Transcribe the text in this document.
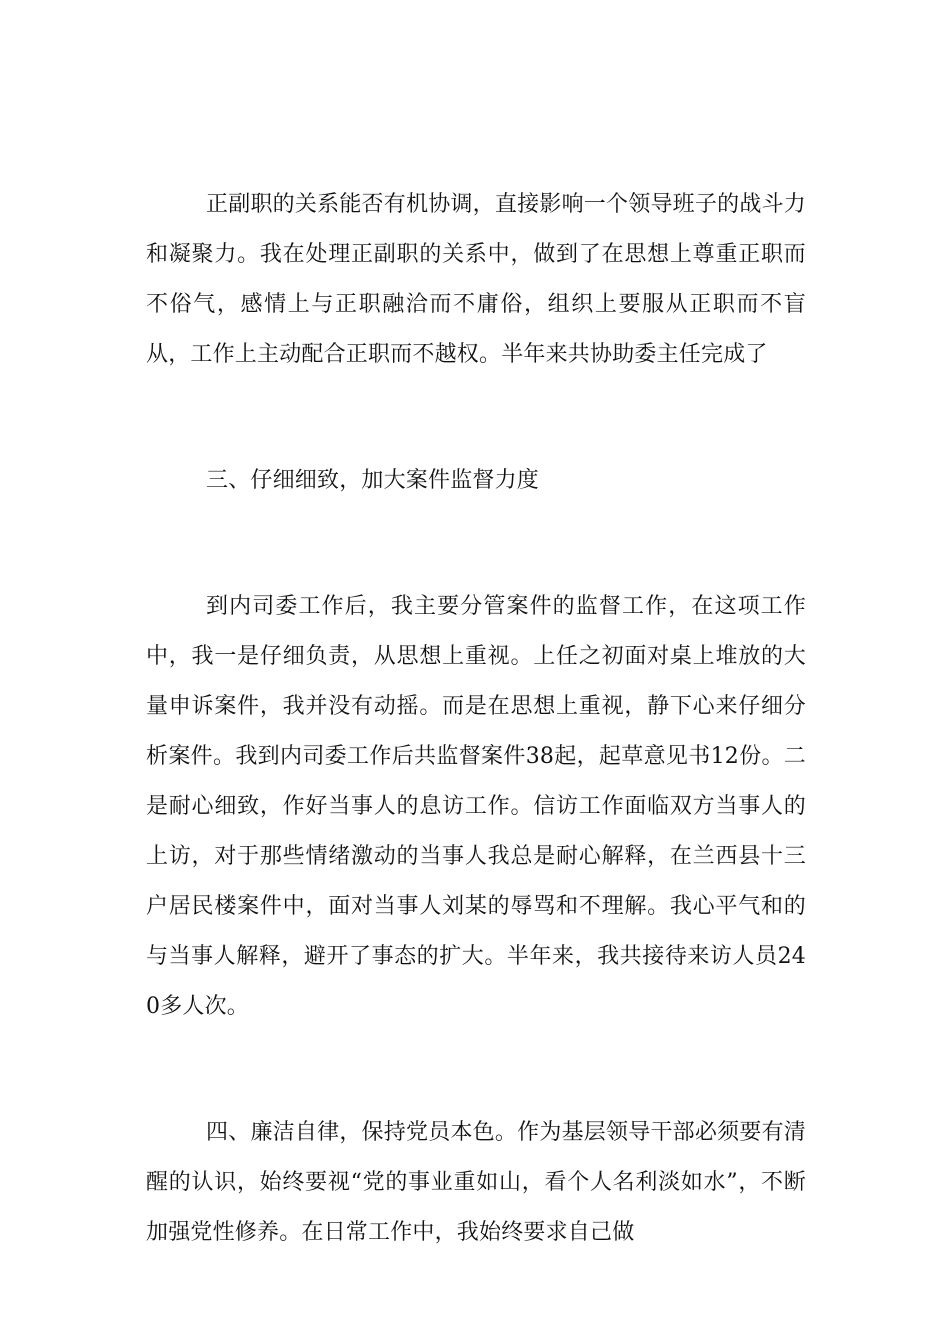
正副职的关系能否有机协调，直接影响一个领导班子的战斗力和凝聚力。我在处理正副职的关系中，做到了在思想上尊重正职而不俗气，感情上与正职融洽而不庸俗，组织上要服从正职而不盲从，工作上主动配合正职而不越权。半年来共协助委主任完成了

三、仔细细致，加大案件监督力度

到内司委工作后，我主要分管案件的监督工作，在这项工作中，我一是仔细负责，从思想上重视。上任之初面对桌上堆放的大量申诉案件，我并没有动摇。而是在思想上重视，静下心来仔细分析案件。我到内司委工作后共监督案件38起，起草意见书12份。二是耐心细致，作好当事人的息访工作。信访工作面临双方当事人的上访，对于那些情绪激动的当事人我总是耐心解释，在兰西县十三户居民楼案件中，面对当事人刘某的辱骂和不理解。我心平气和的与当事人解释，避开了事态的扩大。半年来，我共接待来访人员240多人次。

四、廉洁自律，保持党员本色。作为基层领导干部必须要有清醒的认识，始终要视“党的事业重如山，看个人名利淡如水”，不断加强党性修养。在日常工作中，我始终要求自己做
